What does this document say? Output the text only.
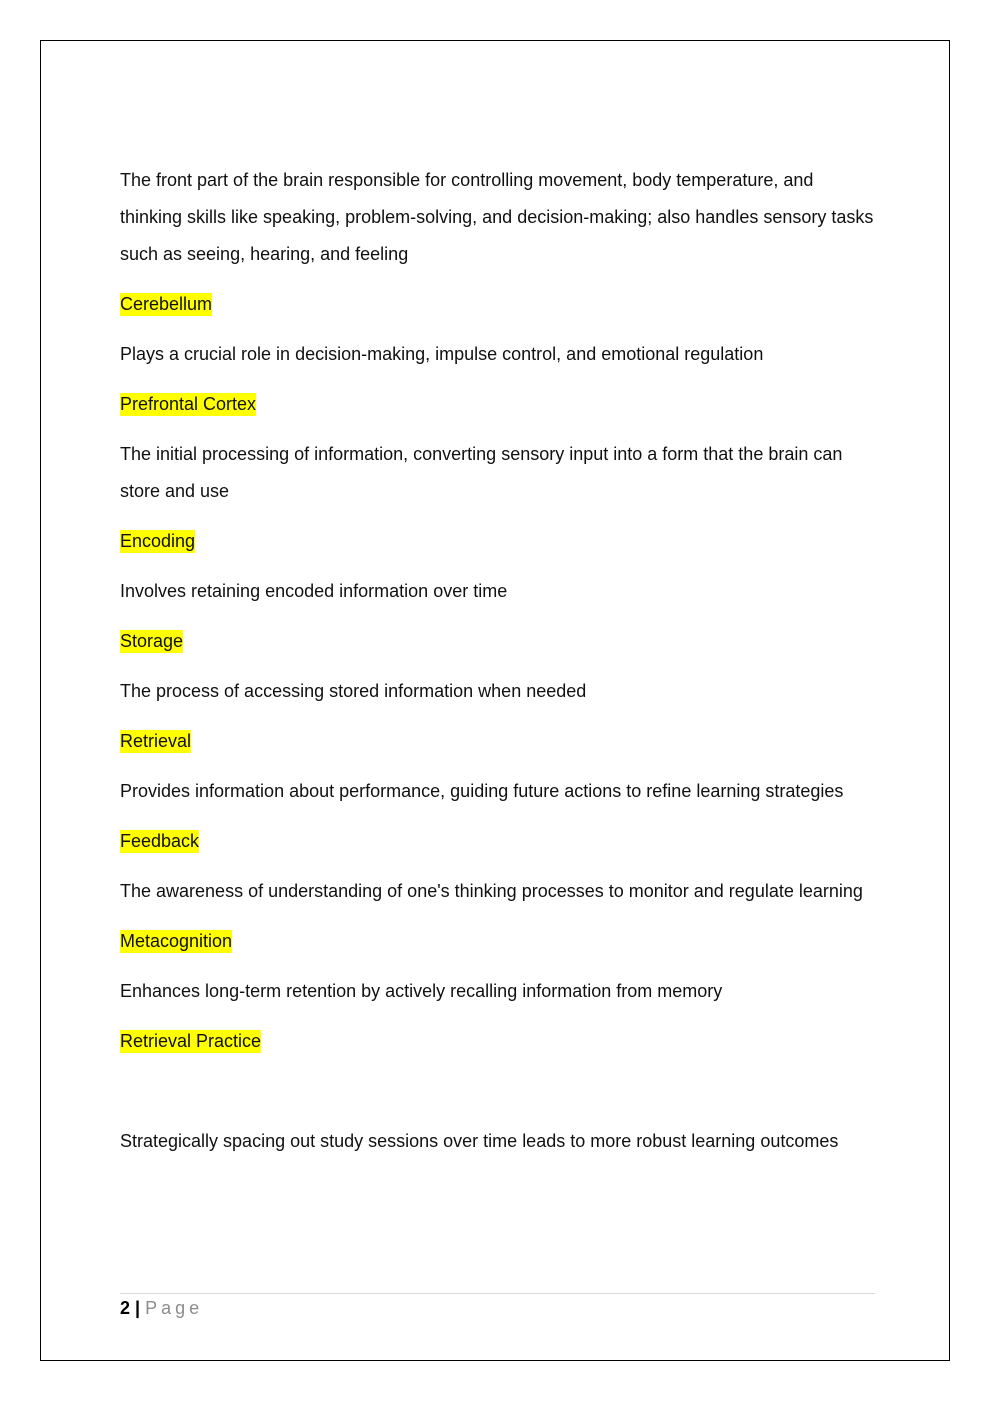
The front part of the brain responsible for controlling movement, body temperature, and thinking skills like speaking, problem-solving, and decision-making; also handles sensory tasks such as seeing, hearing, and feeling

Cerebellum

Plays a crucial role in decision-making, impulse control, and emotional regulation

Prefrontal Cortex

The initial processing of information, converting sensory input into a form that the brain can store and use

Encoding

Involves retaining encoded information over time

Storage

The process of accessing stored information when needed

Retrieval

Provides information about performance, guiding future actions to refine learning strategies

Feedback

The awareness of understanding of one's thinking processes to monitor and regulate learning

Metacognition

Enhances long-term retention by actively recalling information from memory

Retrieval Practice

Strategically spacing out study sessions over time leads to more robust learning outcomes

2 | Page
